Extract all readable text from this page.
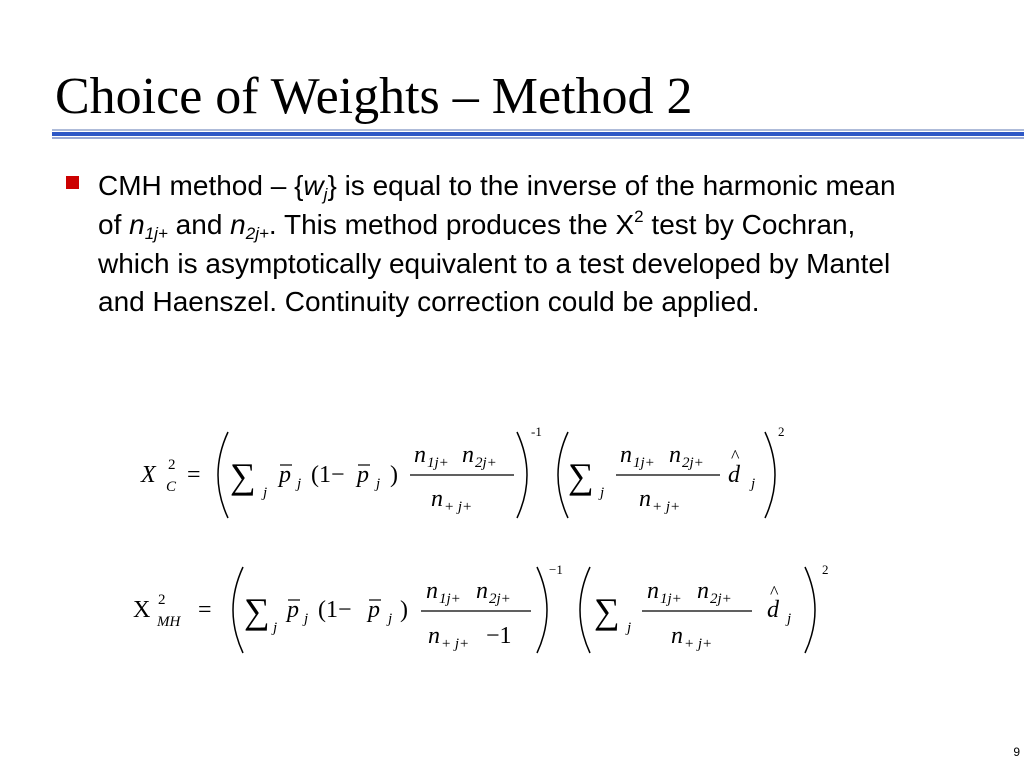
Choice of Weights – Method 2
CMH method – $\{w_j\}$ is equal to the inverse of the harmonic mean of $n_{1j+}$ and $n_{2j+}$. This method produces the $X^2$ test by Cochran, which is asymptotically equivalent to a test developed by Mantel and Haenszel. Continuity correction could be applied.
X 2
C = ∑ j
p j (1− p j )
n 1j+ n 2j+
n + j+
-1
∑ j
n 1j+ n 2j+
n + j+
^
d j
2
X 2
MH = ∑ j
p j (1− p j )
n 1j+ n 2j+
n + j+ −1
−1
∑ j
n 1j+ n 2j+
n + j+
^
d j
2
9
